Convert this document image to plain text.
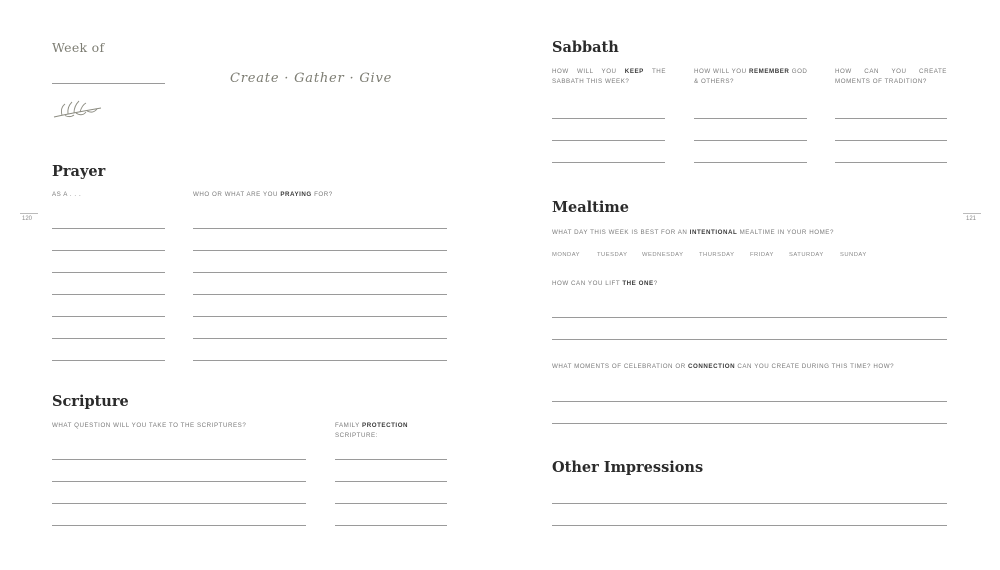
Week of
Create · Gather · Give
Prayer
AS A . . .	WHO OR WHAT ARE YOU PRAYING FOR?
120
Scripture
WHAT QUESTION WILL YOU TAKE TO THE SCRIPTURES?	FAMILY PROTECTION
SCRIPTURE:
Sabbath
HOW WILL YOU KEEP THE SABBATH THIS WEEK?
HOW WILL YOU REMEMBER GOD & OTHERS?
HOW CAN YOU CREATE MOMENTS OF TRADITION?
121
Mealtime
WHAT DAY THIS WEEK IS BEST FOR AN INTENTIONAL MEALTIME IN YOUR HOME?
MONDAY	TUESDAY	WEDNESDAY	THURSDAY	FRIDAY	SATURDAY	SUNDAY
HOW CAN YOU LIFT THE ONE?
WHAT MOMENTS OF CELEBRATION OR CONNECTION CAN YOU CREATE DURING THIS TIME? HOW?
Other Impressions
